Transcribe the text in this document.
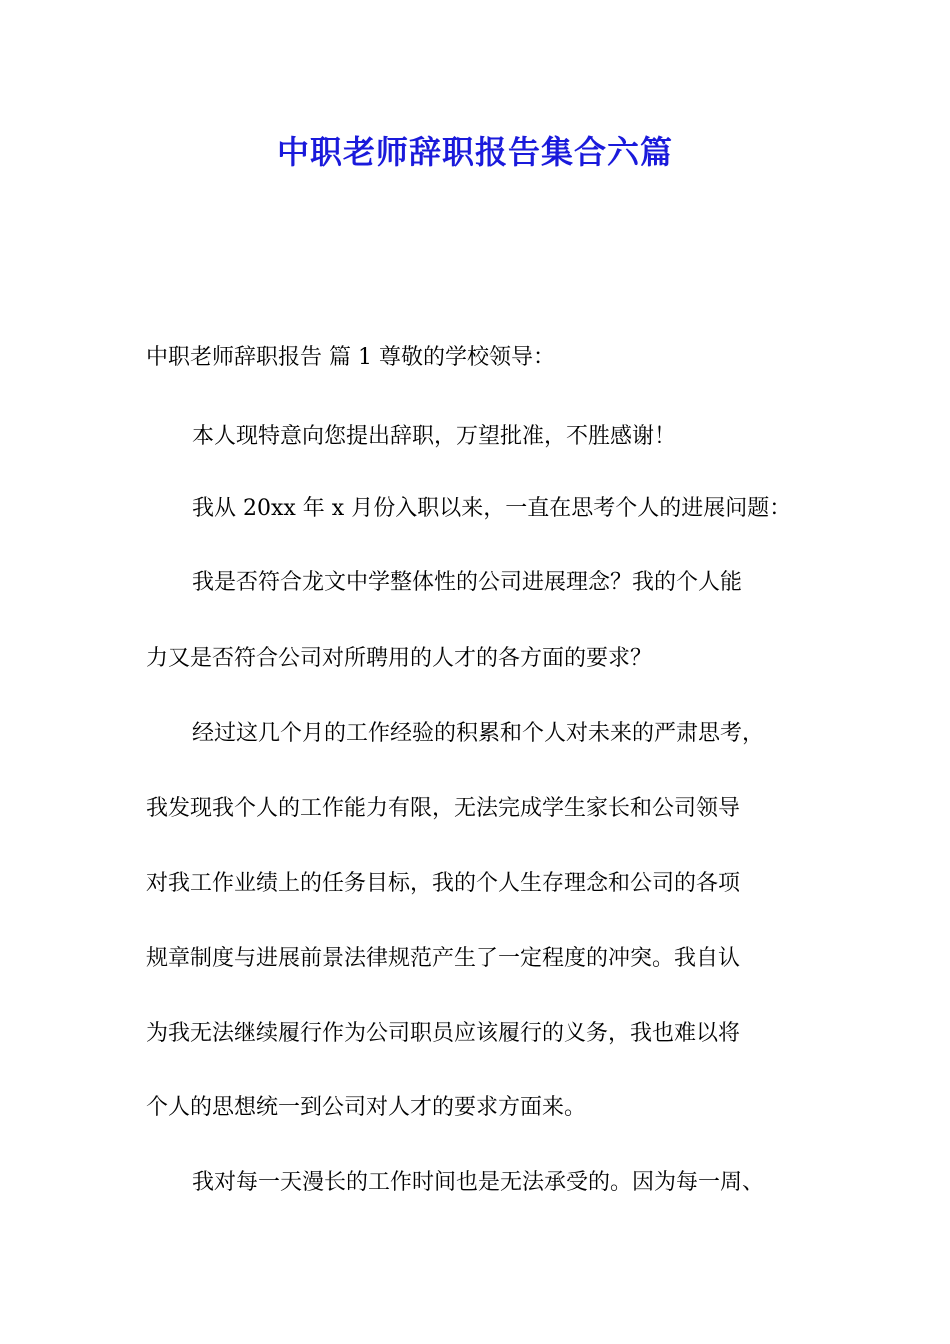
中职老师辞职报告集合六篇

中职老师辞职报告 篇 1 尊敬的学校领导：

本人现特意向您提出辞职，万望批准，不胜感谢！

我从 20xx 年 x 月份入职以来，一直在思考个人的进展问题：

我是否符合龙文中学整体性的公司进展理念？我的个人能

力又是否符合公司对所聘用的人才的各方面的要求？

经过这几个月的工作经验的积累和个人对未来的严肃思考，

我发现我个人的工作能力有限，无法完成学生家长和公司领导

对我工作业绩上的任务目标，我的个人生存理念和公司的各项

规章制度与进展前景法律规范产生了一定程度的冲突。我自认

为我无法继续履行作为公司职员应该履行的义务，我也难以将

个人的思想统一到公司对人才的要求方面来。

我对每一天漫长的工作时间也是无法承受的。因为每一周、
